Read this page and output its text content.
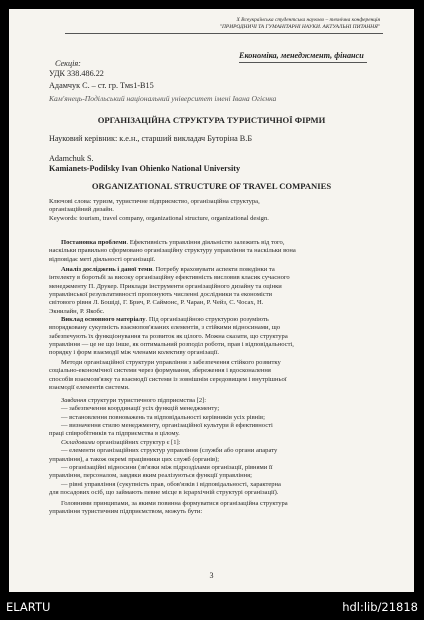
X Всеукраїнська студентська науково – технічна конференція
"ПРИРОДНИЧІ ТА ГУМАНІТАРНІ НАУКИ. АКТУАЛЬНІ ПИТАННЯ"
Економіка, менеджмент, фінанси
Секція:
УДК 338.486.22
Адамчук С. – ст. гр. Тмs1-В15
Кам'янець-Подільський національний університет імені Івана Огієнка
ОРГАНІЗАЦІЙНА СТРУКТУРА ТУРИСТИЧНОЇ ФІРМИ
Науковий керівник: к.е.н., старший викладач Буторіна В.Б
Adamchuk S.
Kamianets-Podilsky Ivan Ohienko National University
ORGANIZATIONAL STRUCTURE OF TRAVEL COMPANIES
Ключові слова: туризм, туристичне підприємство, організаційна структура,
організаційний дизайн.
Keywords: tourism, travel company, organizational structure, organizational design.
Постановка проблеми. Ефективність управління діяльністю залежить від того,
наскільки правильно сформовано організаційну структуру управління та наскільки вона
відповідає меті діяльності організації.
Аналіз досліджень і даної теми. Потребу враховувати аспекти поведінки та
інтелекту в боротьбі за високу організаційну ефективність висловив класик сучасного
менеджменту П. Друкер. Приклади інструменти організаційного дизайну та оцінки
управлінської результативності пропонують численні дослідники та економісти
світового рівня Л. Бошіді, Г. Брич, Р. Саймонс, Р. Чаран, Р. Чейз, С. Чосах, Н.
Экнилайн, Р. Якобс.
Виклад основного матеріалу. Під організаційною структурою розуміють
впорядковану сукупність взаємопов'язаних елементів, з стійкими відносинами, що
забезпечують їх функціонування та розвиток як цілого. Можна сказати, що структура
управління — це не що інше, як оптимальний розподіл роботи, прав і відповідальності,
порядку і форм взаємодії між членами колективу організації.
Методи організаційної структури управління з забезпечення стійкого розвитку
соціально-економічної системи через формування, збереження і вдосконалення
способів взаємозв'язку та взаємодії системи із зовнішнім середовищем і внутрішньої
взаємодії елементів системи.
Завдання структури туристичного підприємства [2]:
— забезпечення координації усіх функцій менеджменту;
— встановлення повноважень та відповідальності керівників усіх рівнів;
— визначення стилю менеджменту, організаційної культури й ефективності
праці співробітників та підприємства в цілому.
Складовими організаційних структур є [1]:
— елементи організаційних структур управління (служби або органи апарату
управління), а також окремі працівники цих служб (органів);
— організаційні відносини (зв'язки між підрозділами організації, рівнями її
управління, персоналом, завдяки яким реалізуються функції управління;
— рівні управління (сукупність прав, обов'язків і відповідальності, характерна
для посадових осіб, що займають певне місце в ієрархічній структурі організації).
Головними принципами, за якими повинна формуватися організаційна структура
управління туристичним підприємством, можуть бути:
3
ELARTU	hdl:lib/21818
